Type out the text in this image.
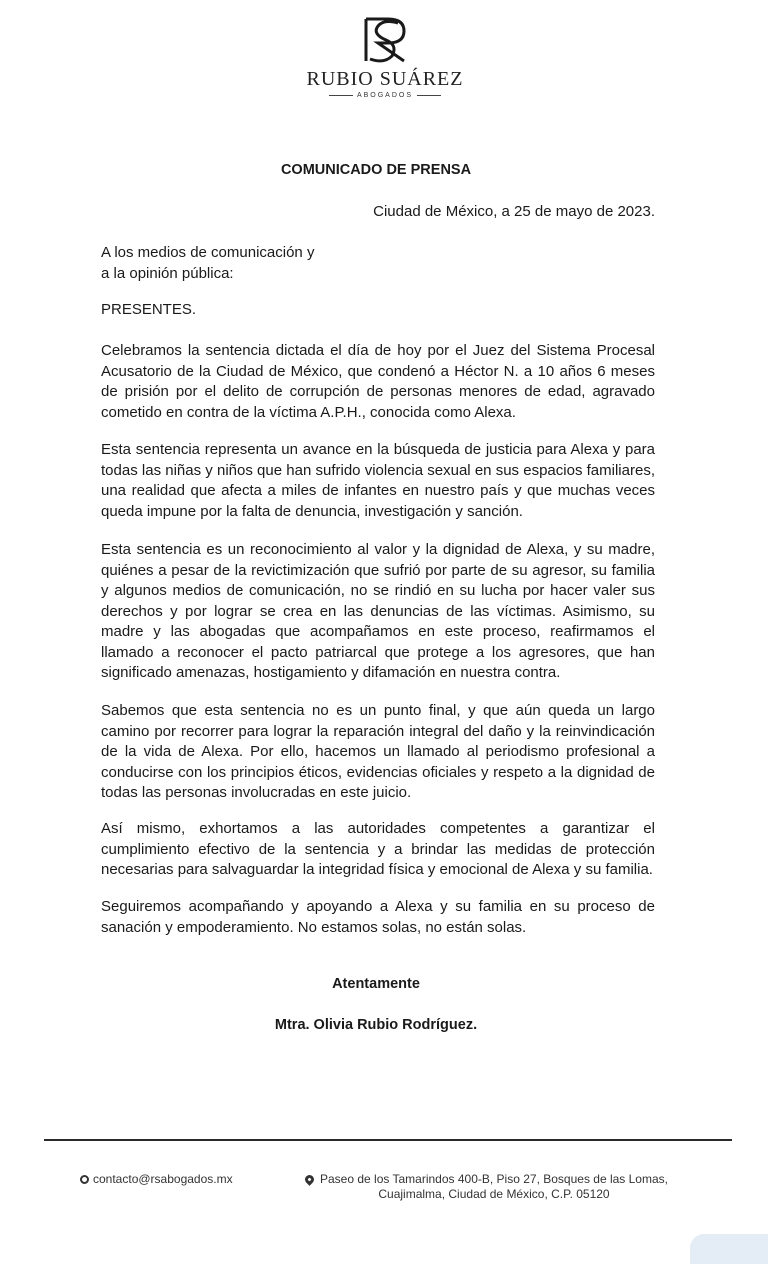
RUBIO SUÁREZ
ABOGADOS
COMUNICADO DE PRENSA
Ciudad de México, a 25 de mayo de 2023.
A los medios de comunicación y
a la opinión pública:
PRESENTES.
Celebramos la sentencia dictada el día de hoy por el Juez del Sistema Procesal Acusatorio de la Ciudad de México, que condenó a Héctor N. a 10 años 6 meses de prisión por el delito de corrupción de personas menores de edad, agravado cometido en contra de la víctima A.P.H., conocida como Alexa.
Esta sentencia representa un avance en la búsqueda de justicia para Alexa y para todas las niñas y niños que han sufrido violencia sexual en sus espacios familiares, una realidad que afecta a miles de infantes en nuestro país y que muchas veces queda impune por la falta de denuncia, investigación y sanción.
Esta sentencia es un reconocimiento al valor y la dignidad de Alexa, y su madre, quiénes a pesar de la revictimización que sufrió por parte de su agresor, su familia y algunos medios de comunicación, no se rindió en su lucha por hacer valer sus derechos y por lograr se crea en las denuncias de las víctimas. Asimismo, su madre y las abogadas que acompañamos en este proceso, reafirmamos el llamado a reconocer el pacto patriarcal que protege a los agresores, que han significado amenazas, hostigamiento y difamación en nuestra contra.
Sabemos que esta sentencia no es un punto final, y que aún queda un largo camino por recorrer para lograr la reparación integral del daño y la reinvindicación de la vida de Alexa. Por ello, hacemos un llamado al periodismo profesional a conducirse con los principios éticos, evidencias oficiales y respeto a la dignidad de todas las personas involucradas en este juicio.
Así mismo, exhortamos a las autoridades competentes a garantizar el cumplimiento efectivo de la sentencia y a brindar las medidas de protección necesarias para salvaguardar la integridad física y emocional de Alexa y su familia.
Seguiremos acompañando y apoyando a Alexa y su familia en su proceso de sanación y empoderamiento. No estamos solas, no están solas.
Atentamente
Mtra. Olivia Rubio Rodríguez.
contacto@rsabogados.mx	Paseo de los Tamarindos 400-B, Piso 27, Bosques de las Lomas,
Cuajimalma, Ciudad de México, C.P. 05120
